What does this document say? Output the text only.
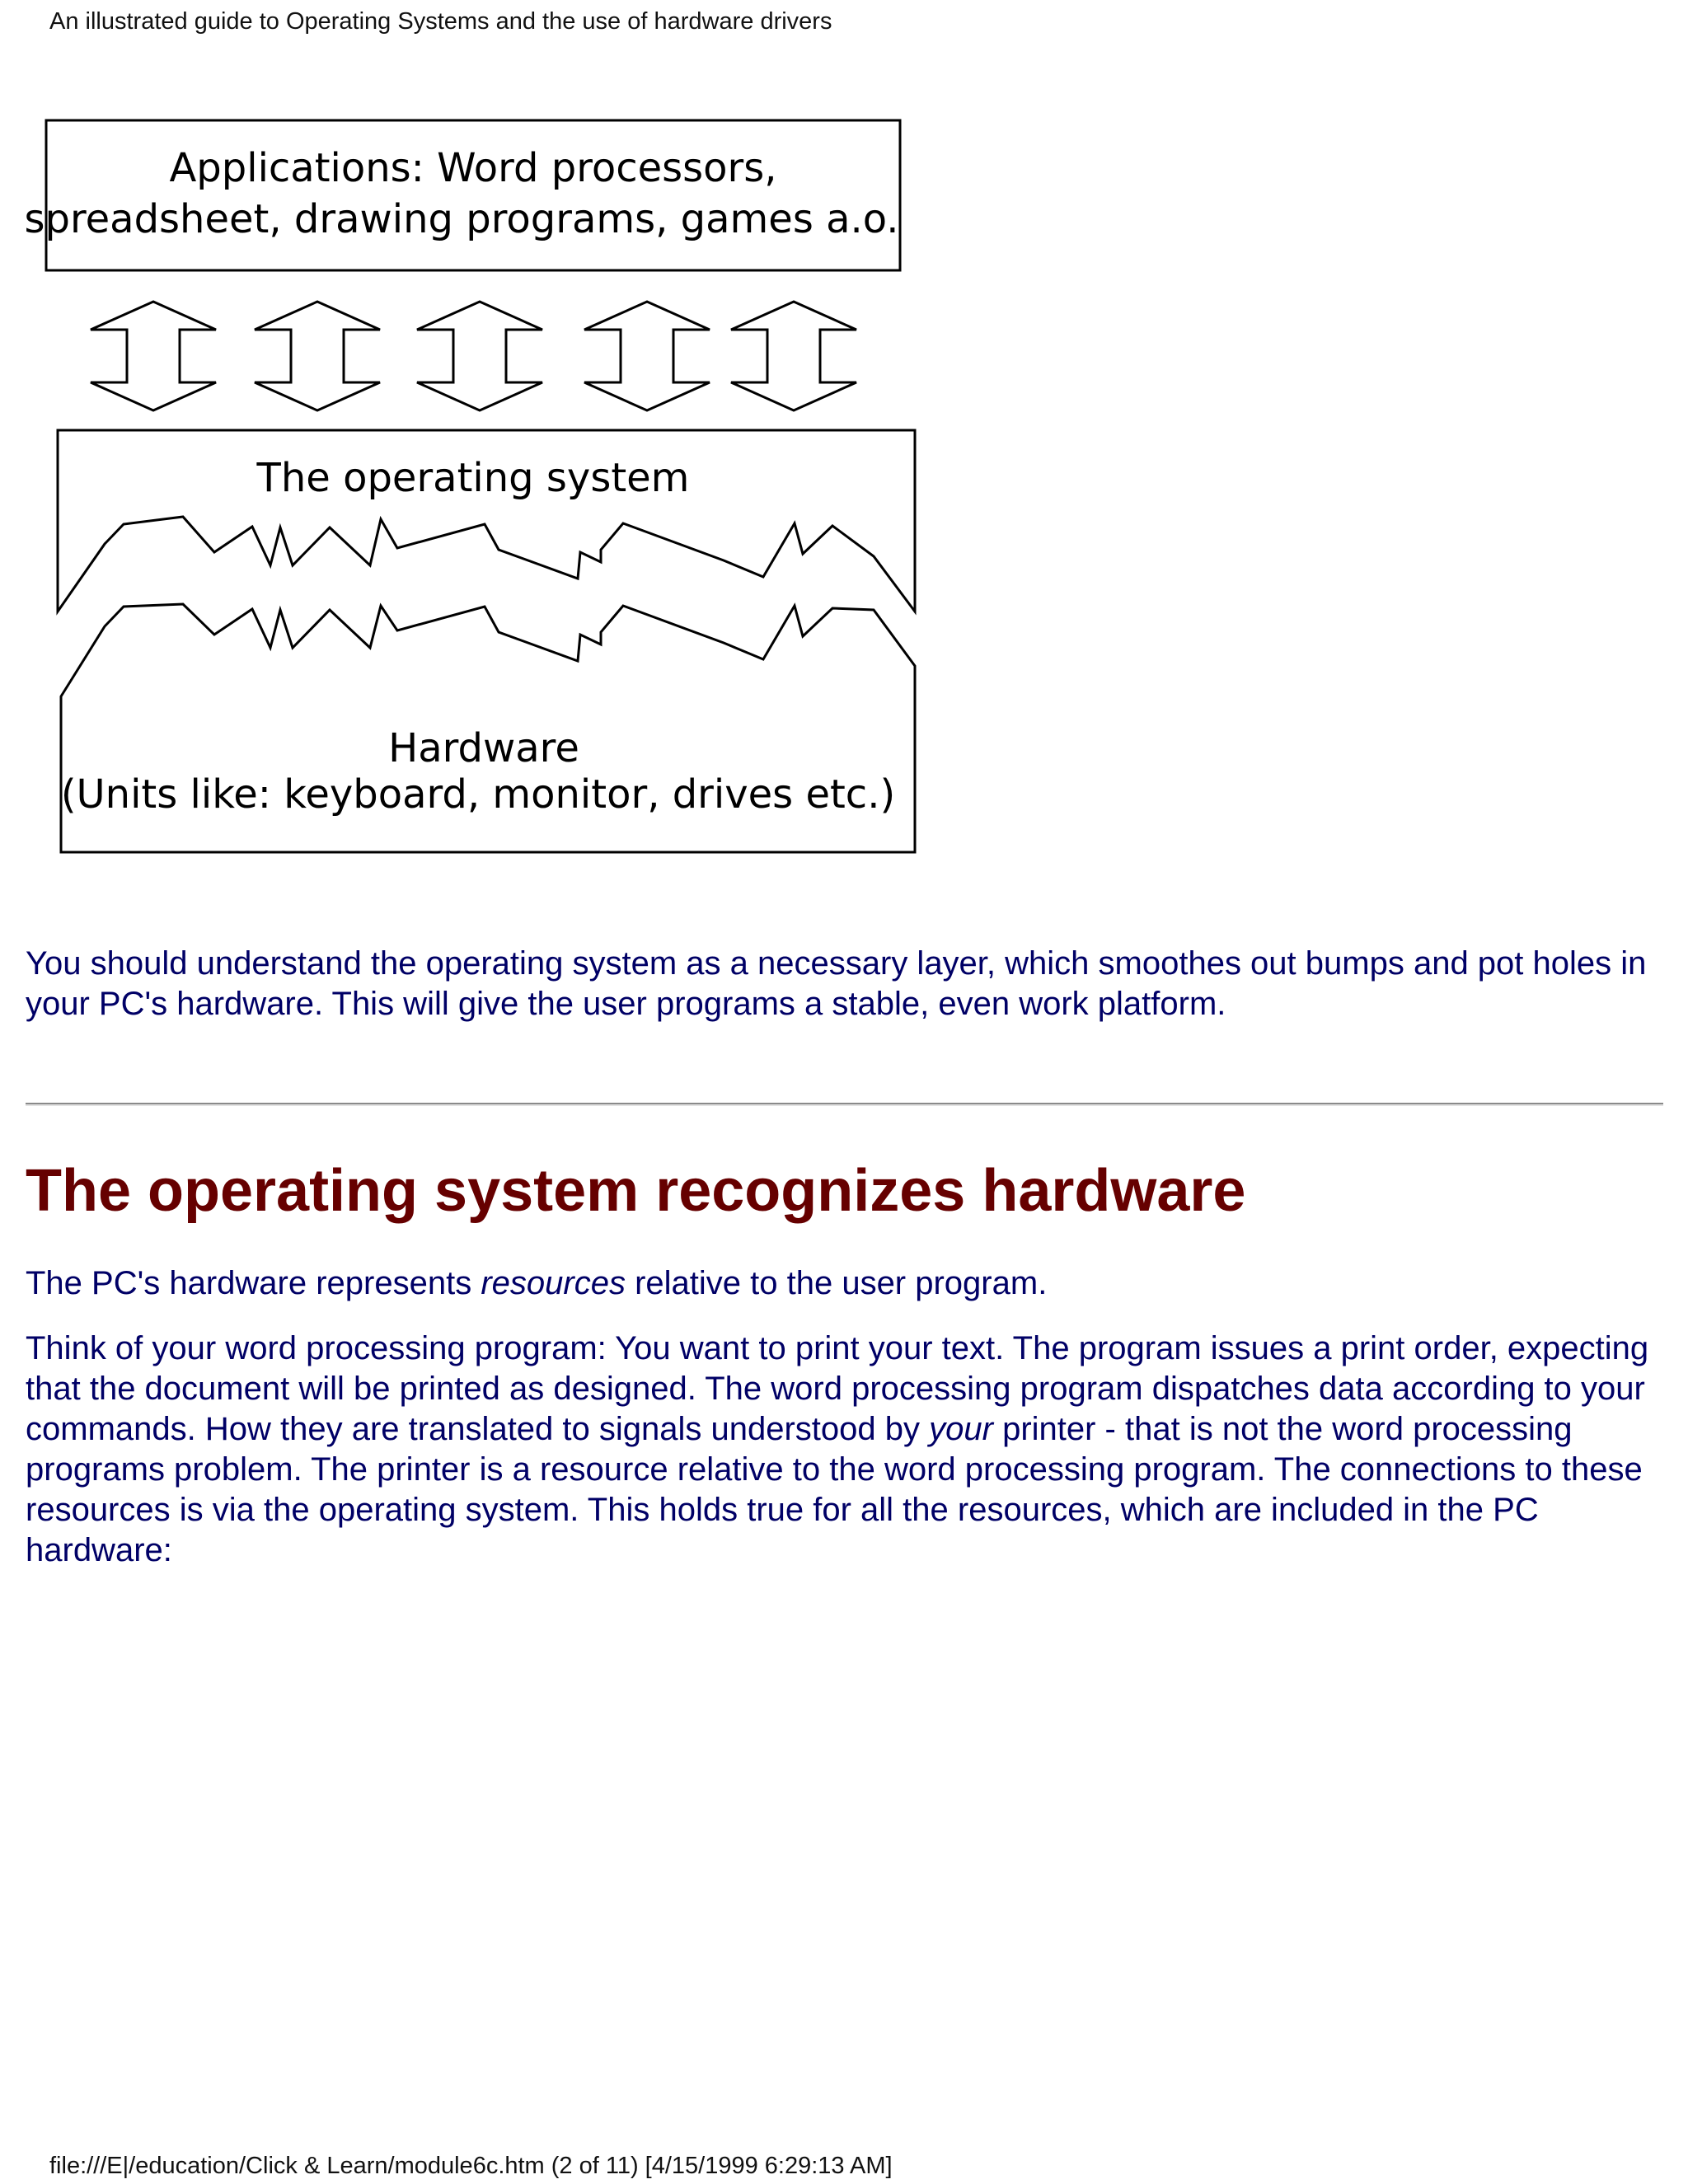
An illustrated guide to Operating Systems and the use of hardware drivers
Applications: Word processors,
spreadsheet, drawing programs, games a.o.
The operating system
Hardware
(Units like: keyboard, monitor, drives etc.)

You should understand the operating system as a necessary layer, which smoothes out bumps and pot holes in your PC's hardware. This will give the user programs a stable, even work platform.

The operating system recognizes hardware

The PC's hardware represents resources relative to the user program.

Think of your word processing program: You want to print your text. The program issues a print order, expecting that the document will be printed as designed. The word processing program dispatches data according to your commands. How they are translated to signals understood by your printer - that is not the word processing programs problem. The printer is a resource relative to the word processing program. The connections to these resources is via the operating system. This holds true for all the resources, which are included in the PC hardware:

file:///E|/education/Click & Learn/module6c.htm (2 of 11) [4/15/1999 6:29:13 AM]
